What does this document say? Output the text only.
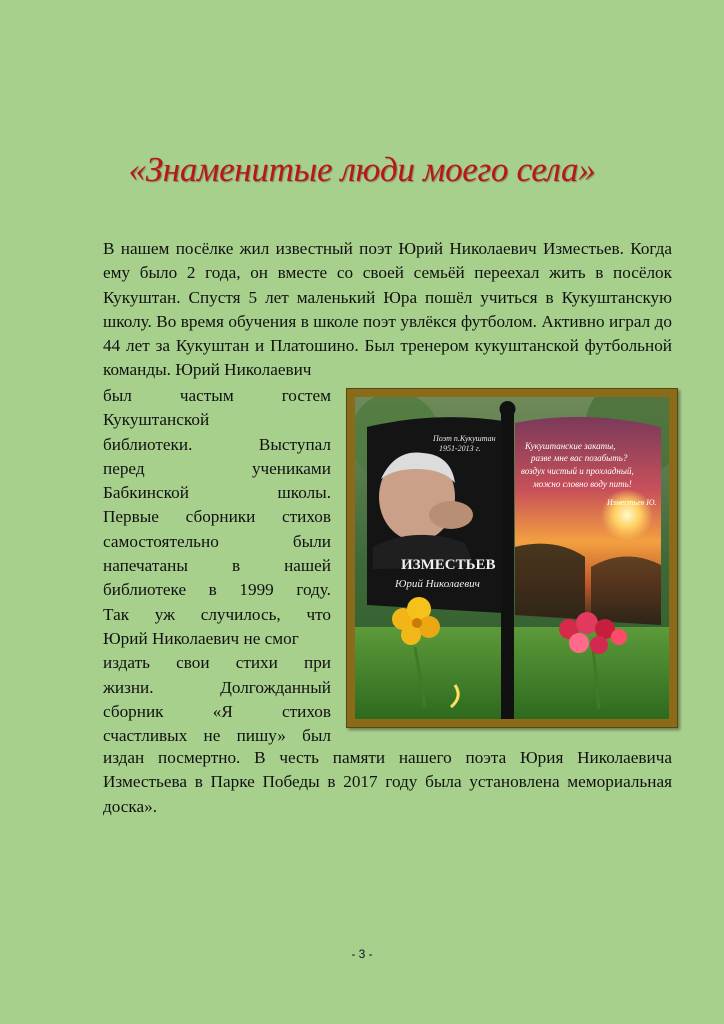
«Знаменитые люди моего села»
В нашем посёлке жил известный поэт Юрий Николаевич Изместьев. Когда ему было 2 года, он вместе со своей семьёй переехал жить в посёлок Кукуштан. Спустя 5 лет маленький Юра пошёл учиться в Кукуштанскую школу. Во время обучения в школе поэт увлёкся футболом. Активно играл до 44 лет за Кукуштан и Платошино. Был тренером кукуштанской футбольной команды. Юрий Николаевич
был	частым	гостем
Кукуштанской
библиотеки.	Выступал
перед	учениками
Бабкинской	школы.
Первые сборники стихов
самостоятельно	были
напечатаны	в	нашей
библиотеке в 1999 году.
Так уж случилось, что
Юрий Николаевич не смог
издать свои стихи при
жизни.	Долгожданный
сборник	«Я	стихов
счастливых не пишу» был
Поэт п.Кукуштан
1951-2013 г.
ИЗМЕСТЬЕВ
Юрий Николаевич
Кукуштанские закаты,
разве мне вас позабыть?
воздух чистый и прохладный,
можно словно воду пить!
Изместьев Ю.
издан посмертно. В честь памяти нашего поэта Юрия Николаевича Изместьева в Парке Победы в 2017 году была установлена мемориальная доска».
- 3 -
